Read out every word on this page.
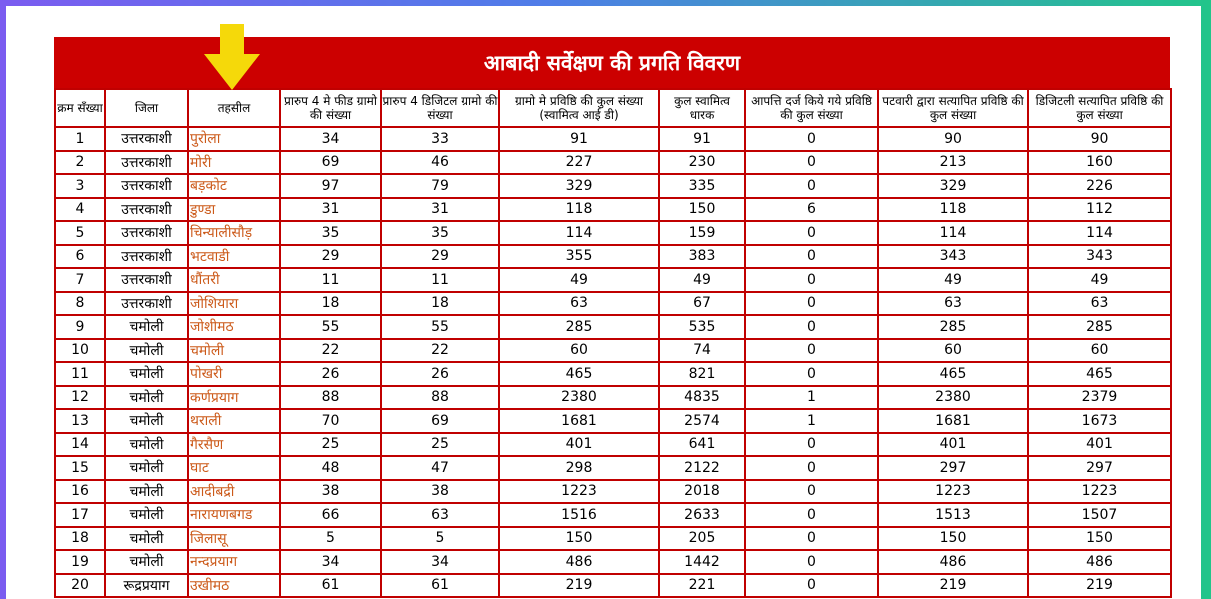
आबादी सर्वेक्षण की प्रगति विवरण
क्रम सँख्या	जिला	तहसील	प्रारुप 4 मे फीड ग्रामो की संख्या	प्रारुप 4 डिजिटल ग्रामो की संख्या	ग्रामो मे प्रविष्ठि की कुल संख्या (स्वामित्व आई डी)	कुल स्वामित्व धारक	आपत्ति दर्ज किये गये प्रविष्ठि की कुल संख्या	पटवारी द्वारा सत्यापित प्रविष्ठि की कुल संख्या	डिजिटली सत्यापित प्रविष्ठि की कुल संख्या
1	उत्तरकाशी	पुरोला	34	33	91	91	0	90	90
2	उत्तरकाशी	मोरी	69	46	227	230	0	213	160
3	उत्तरकाशी	बड़कोट	97	79	329	335	0	329	226
4	उत्तरकाशी	डुण्डा	31	31	118	150	6	118	112
5	उत्तरकाशी	चिन्यालीसौड़	35	35	114	159	0	114	114
6	उत्तरकाशी	भटवाडी	29	29	355	383	0	343	343
7	उत्तरकाशी	धौंतरी	11	11	49	49	0	49	49
8	उत्तरकाशी	जोशियारा	18	18	63	67	0	63	63
9	चमोली	जोशीमठ	55	55	285	535	0	285	285
10	चमोली	चमोली	22	22	60	74	0	60	60
11	चमोली	पोखरी	26	26	465	821	0	465	465
12	चमोली	कर्णप्रयाग	88	88	2380	4835	1	2380	2379
13	चमोली	थराली	70	69	1681	2574	1	1681	1673
14	चमोली	गैरसैण	25	25	401	641	0	401	401
15	चमोली	घाट	48	47	298	2122	0	297	297
16	चमोली	आदीबद्री	38	38	1223	2018	0	1223	1223
17	चमोली	नारायणबगड	66	63	1516	2633	0	1513	1507
18	चमोली	जिलासू	5	5	150	205	0	150	150
19	चमोली	नन्दप्रयाग	34	34	486	1442	0	486	486
20	रूद्रप्रयाग	उखीमठ	61	61	219	221	0	219	219
